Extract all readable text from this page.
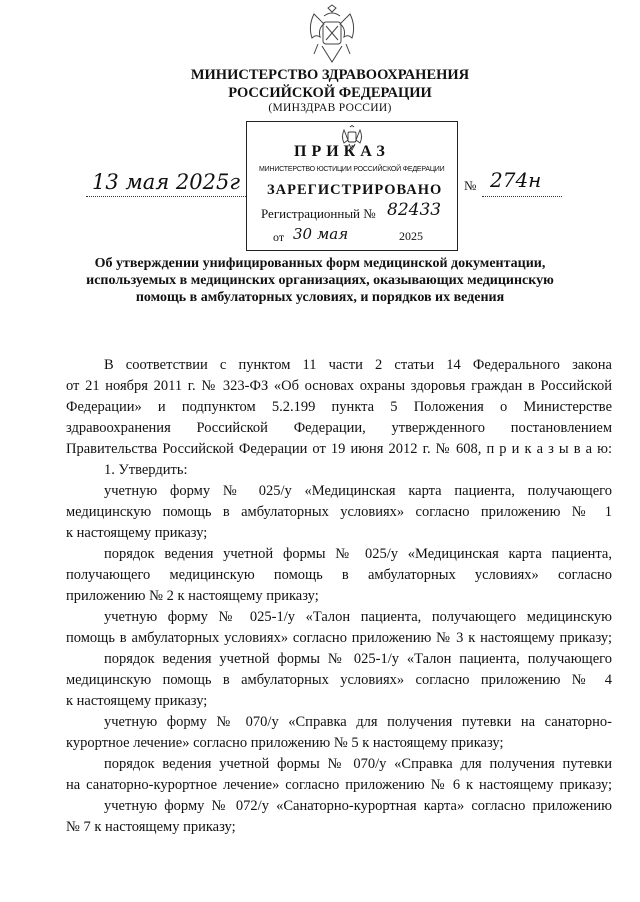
МИНИСТЕРСТВО ЗДРАВООХРАНЕНИЯ
РОССИЙСКОЙ ФЕДЕРАЦИИ
(МИНЗДРАВ РОССИИ)
МИНИСТЕРСТВО ЮСТИЦИИ РОССИЙСКОЙ ФЕДЕРАЦИИ
ЗАРЕГИСТРИРОВАНО
Регистрационный № 82433
от 30 мая	2025
ПРИКАЗ
13 мая 2025г	№ 274н
Об утверждении унифицированных форм медицинской документации,
используемых в медицинских организациях, оказывающих медицинскую
помощь в амбулаторных условиях, и порядков их ведения
В соответствии с пунктом 11 части 2 статьи 14 Федерального закона
от 21 ноября 2011 г. № 323-ФЗ «Об основах охраны здоровья граждан в Российской
Федерации» и подпунктом 5.2.199 пункта 5 Положения о Министерстве
здравоохранения Российской Федерации, утвержденного постановлением
Правительства Российской Федерации от 19 июня 2012 г. № 608, п р и к а з ы в а ю:
1. Утвердить:
учетную форму № 025/у «Медицинская карта пациента, получающего
медицинскую помощь в амбулаторных условиях» согласно приложению № 1
к настоящему приказу;
порядок ведения учетной формы № 025/у «Медицинская карта пациента,
получающего медицинскую помощь в амбулаторных условиях» согласно
приложению № 2 к настоящему приказу;
учетную форму № 025-1/у «Талон пациента, получающего медицинскую
помощь в амбулаторных условиях» согласно приложению № 3 к настоящему приказу;
порядок ведения учетной формы № 025-1/у «Талон пациента, получающего
медицинскую помощь в амбулаторных условиях» согласно приложению № 4
к настоящему приказу;
учетную форму № 070/у «Справка для получения путевки на санаторно-
курортное лечение» согласно приложению № 5 к настоящему приказу;
порядок ведения учетной формы № 070/у «Справка для получения путевки
на санаторно-курортное лечение» согласно приложению № 6 к настоящему приказу;
учетную форму № 072/у «Санаторно-курортная карта» согласно приложению
№ 7 к настоящему приказу;
